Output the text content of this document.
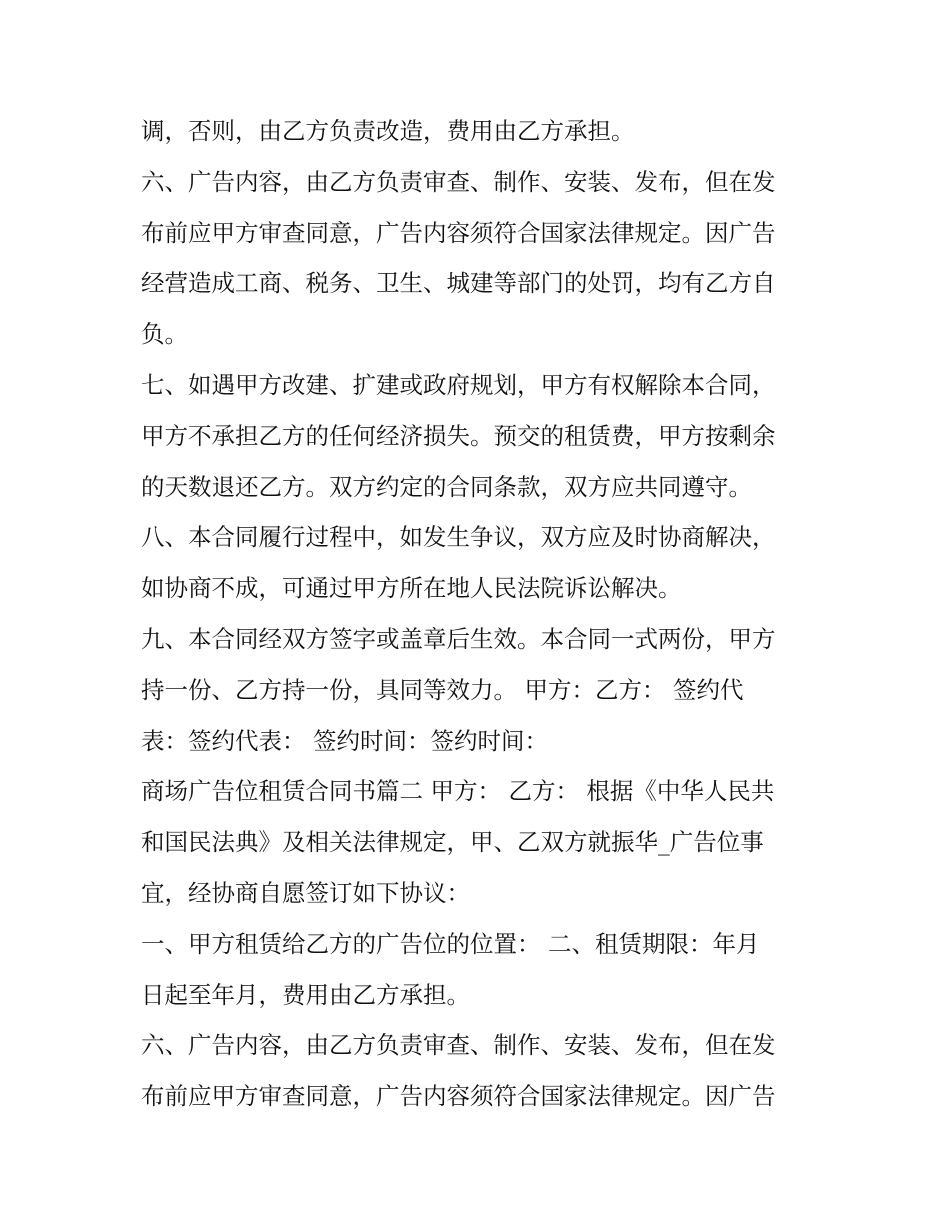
调，否则，由乙方负责改造，费用由乙方承担。
六、广告内容，由乙方负责审查、制作、安装、发布，但在发
布前应甲方审查同意，广告内容须符合国家法律规定。因广告
经营造成工商、税务、卫生、城建等部门的处罚，均有乙方自
负。
七、如遇甲方改建、扩建或政府规划，甲方有权解除本合同，
甲方不承担乙方的任何经济损失。预交的租赁费，甲方按剩余
的天数退还乙方。双方约定的合同条款，双方应共同遵守。
八、本合同履行过程中，如发生争议，双方应及时协商解决，
如协商不成，可通过甲方所在地人民法院诉讼解决。
九、本合同经双方签字或盖章后生效。本合同一式两份，甲方
持一份、乙方持一份，具同等效力。 甲方：乙方： 签约代
表：签约代表： 签约时间：签约时间：
商场广告位租赁合同书篇二 甲方： 乙方： 根据《中华人民共
和国民法典》及相关法律规定，甲、乙双方就振华_广告位事
宜，经协商自愿签订如下协议：
一、甲方租赁给乙方的广告位的位置： 二、租赁期限：年月
日起至年月，费用由乙方承担。
六、广告内容，由乙方负责审查、制作、安装、发布，但在发
布前应甲方审查同意，广告内容须符合国家法律规定。因广告
